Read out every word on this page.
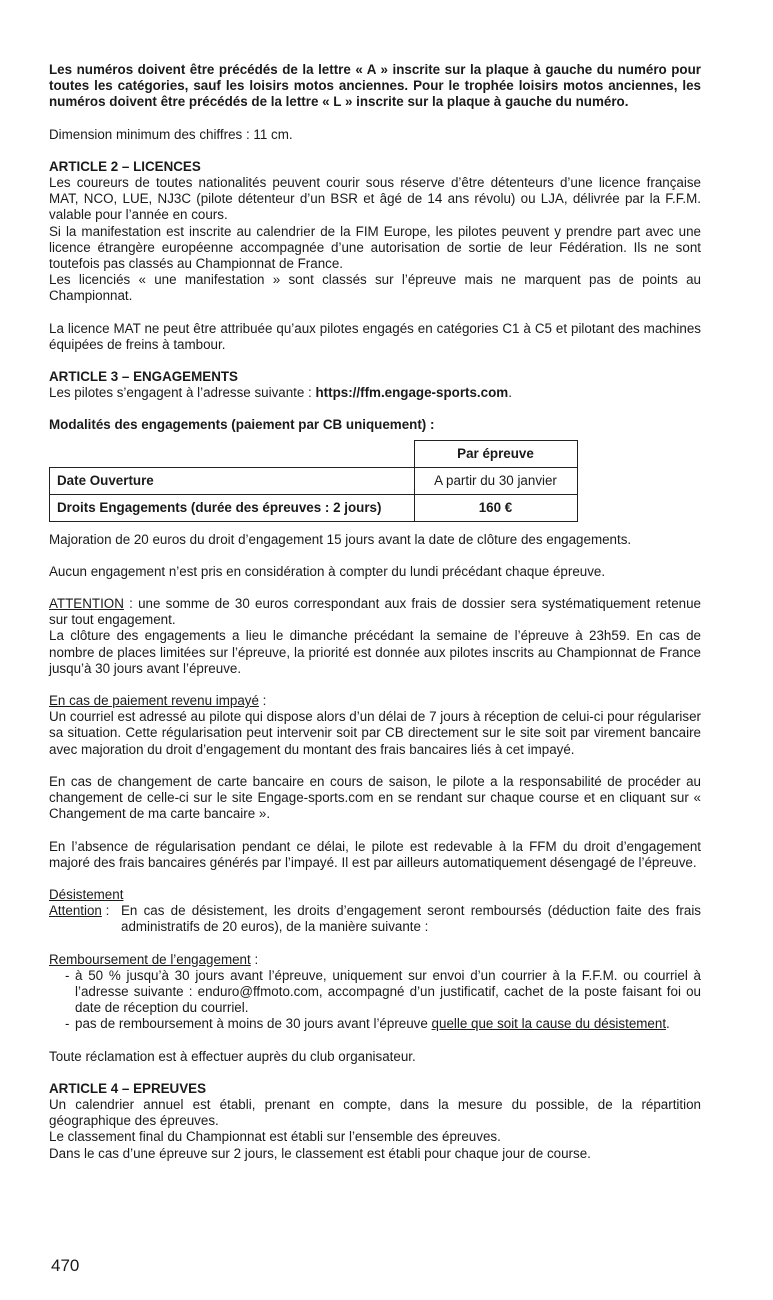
Les numéros doivent être précédés de la lettre « A » inscrite sur la plaque à gauche du numéro pour toutes les catégories, sauf les loisirs motos anciennes. Pour le trophée loisirs motos anciennes, les numéros doivent être précédés de la lettre « L » inscrite sur la plaque à gauche du numéro.

Dimension minimum des chiffres : 11 cm.

ARTICLE 2 – LICENCES

Les coureurs de toutes nationalités peuvent courir sous réserve d’être détenteurs d’une licence française MAT, NCO, LUE, NJ3C (pilote détenteur d’un BSR et âgé de 14 ans révolu) ou LJA, délivrée par la F.F.M. valable pour l’année en cours.

Si la manifestation est inscrite au calendrier de la FIM Europe, les pilotes peuvent y prendre part avec une licence étrangère européenne accompagnée d’une autorisation de sortie de leur Fédération. Ils ne sont toutefois pas classés au Championnat de France.

Les licenciés « une manifestation » sont classés sur l’épreuve mais ne marquent pas de points au Championnat.

La licence MAT ne peut être attribuée qu’aux pilotes engagés en catégories C1 à C5 et pilotant des machines équipées de freins à tambour.

ARTICLE 3 – ENGAGEMENTS

Les pilotes s’engagent à l’adresse suivante : https://ffm.engage-sports.com.

Modalités des engagements (paiement par CB uniquement) :

	Par épreuve
Date Ouverture	A partir du 30 janvier
Droits Engagements (durée des épreuves : 2 jours)	160 €

Majoration de 20 euros du droit d’engagement 15 jours avant la date de clôture des engagements.

Aucun engagement n’est pris en considération à compter du lundi précédant chaque épreuve.

ATTENTION : une somme de 30 euros correspondant aux frais de dossier sera systématiquement retenue sur tout engagement.

La clôture des engagements a lieu le dimanche précédant la semaine de l’épreuve à 23h59. En cas de nombre de places limitées sur l’épreuve, la priorité est donnée aux pilotes inscrits au Championnat de France jusqu’à 30 jours avant l’épreuve.

En cas de paiement revenu impayé :

Un courriel est adressé au pilote qui dispose alors d’un délai de 7 jours à réception de celui-ci pour régulariser sa situation. Cette régularisation peut intervenir soit par CB directement sur le site soit par virement bancaire avec majoration du droit d’engagement du montant des frais bancaires liés à cet impayé.

En cas de changement de carte bancaire en cours de saison, le pilote a la responsabilité de procéder au changement de celle-ci sur le site Engage-sports.com en se rendant sur chaque course et en cliquant sur « Changement de ma carte bancaire ».

En l’absence de régularisation pendant ce délai, le pilote est redevable à la FFM du droit d’engagement majoré des frais bancaires générés par l’impayé. Il est par ailleurs automatiquement désengagé de l’épreuve.

Désistement

Attention : En cas de désistement, les droits d’engagement seront remboursés (déduction faite des frais administratifs de 20 euros), de la manière suivante :

Remboursement de l’engagement :

- à 50 % jusqu’à 30 jours avant l’épreuve, uniquement sur envoi d’un courrier à la F.F.M. ou courriel à l’adresse suivante : enduro@ffmoto.com, accompagné d’un justificatif, cachet de la poste faisant foi ou date de réception du courriel.
- pas de remboursement à moins de 30 jours avant l’épreuve quelle que soit la cause du désistement.

Toute réclamation est à effectuer auprès du club organisateur.

ARTICLE 4 – EPREUVES

Un calendrier annuel est établi, prenant en compte, dans la mesure du possible, de la répartition géographique des épreuves.

Le classement final du Championnat est établi sur l’ensemble des épreuves.

Dans le cas d’une épreuve sur 2 jours, le classement est établi pour chaque jour de course.

470
